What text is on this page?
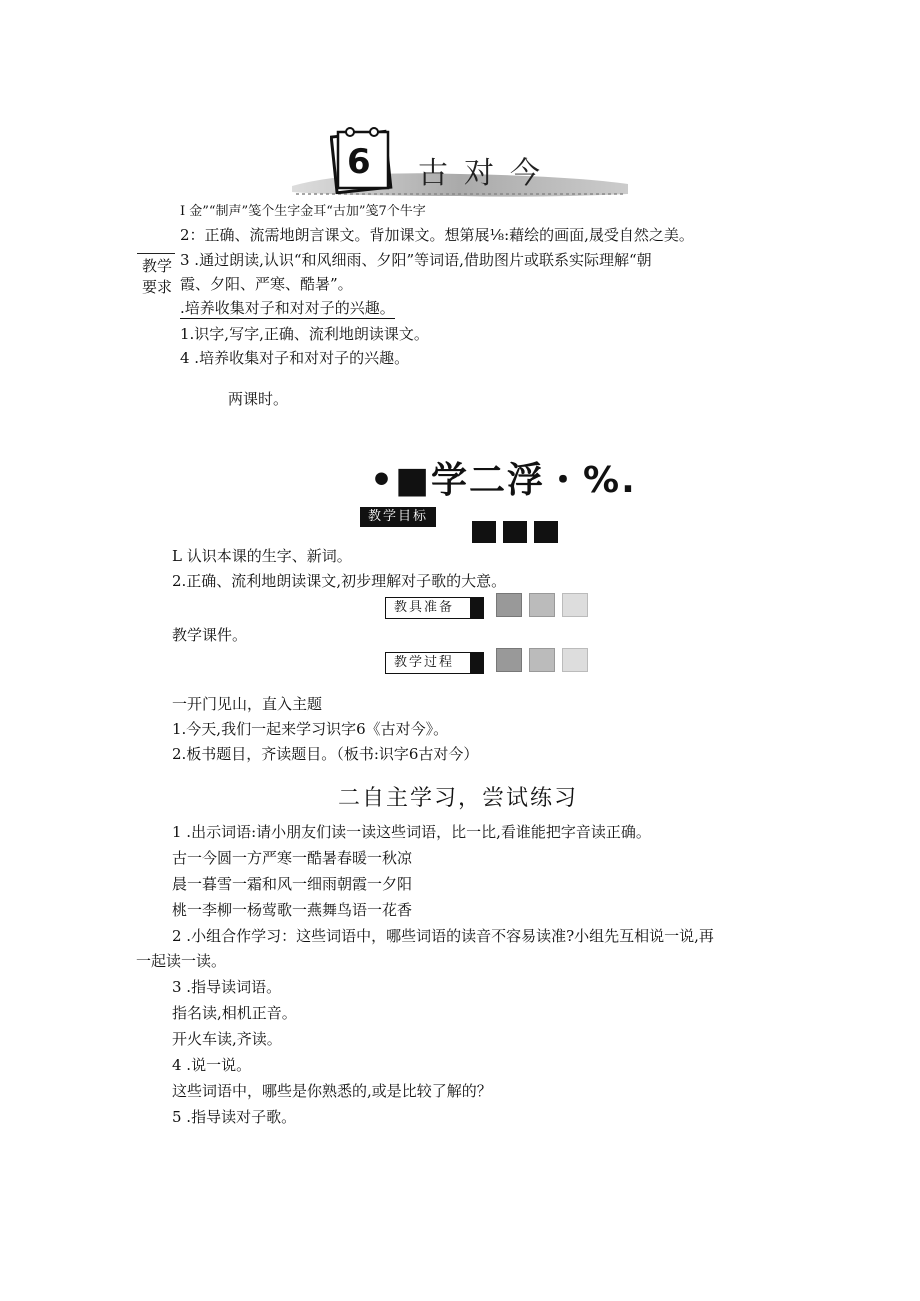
6 古对今
I 金”“制声”笺个生字金耳“古加”笺7个牛字
2：正确、流需地朗言课文。背加课文。想第展⅛:藉绘的画面,晟受自然之美。
教学
要求
3 .通过朗读,认识“和风细雨、夕阳”等词语,借助图片或联系实际理解“朝
霞、夕阳、严寒、酷暑”。
.培养收集对子和对对子的兴趣。
1.识字,写字,正确、流利地朗读课文。
4 .培养收集对子和对对子的兴趣。
两课时。
•■学二浮・%.
教学目标
L 认识本课的生字、新词。
2.正确、流利地朗读课文,初步理解对子歌的大意。
教具准备
教学课件。
教学过程
一开门见山，直入主题
1.今天,我们一起来学习识字6《古对今》。
2.板书题目，齐读题目。（板书:识字6古对今）
二自主学习，尝试练习
1 .出示词语:请小朋友们读一读这些词语，比一比,看谁能把字音读正确。
古一今圆一方严寒一酷暑春暖一秋凉
晨一暮雪一霜和风一细雨朝霞一夕阳
桃一李柳一杨莺歌一燕舞鸟语一花香
2 .小组合作学习：这些词语中，哪些词语的读音不容易读准?小组先互相说一说,再
一起读一读。
3 .指导读词语。
指名读,相机正音。
开火车读,齐读。
4 .说一说。
这些词语中，哪些是你熟悉的,或是比较了解的？
5 .指导读对子歌。
